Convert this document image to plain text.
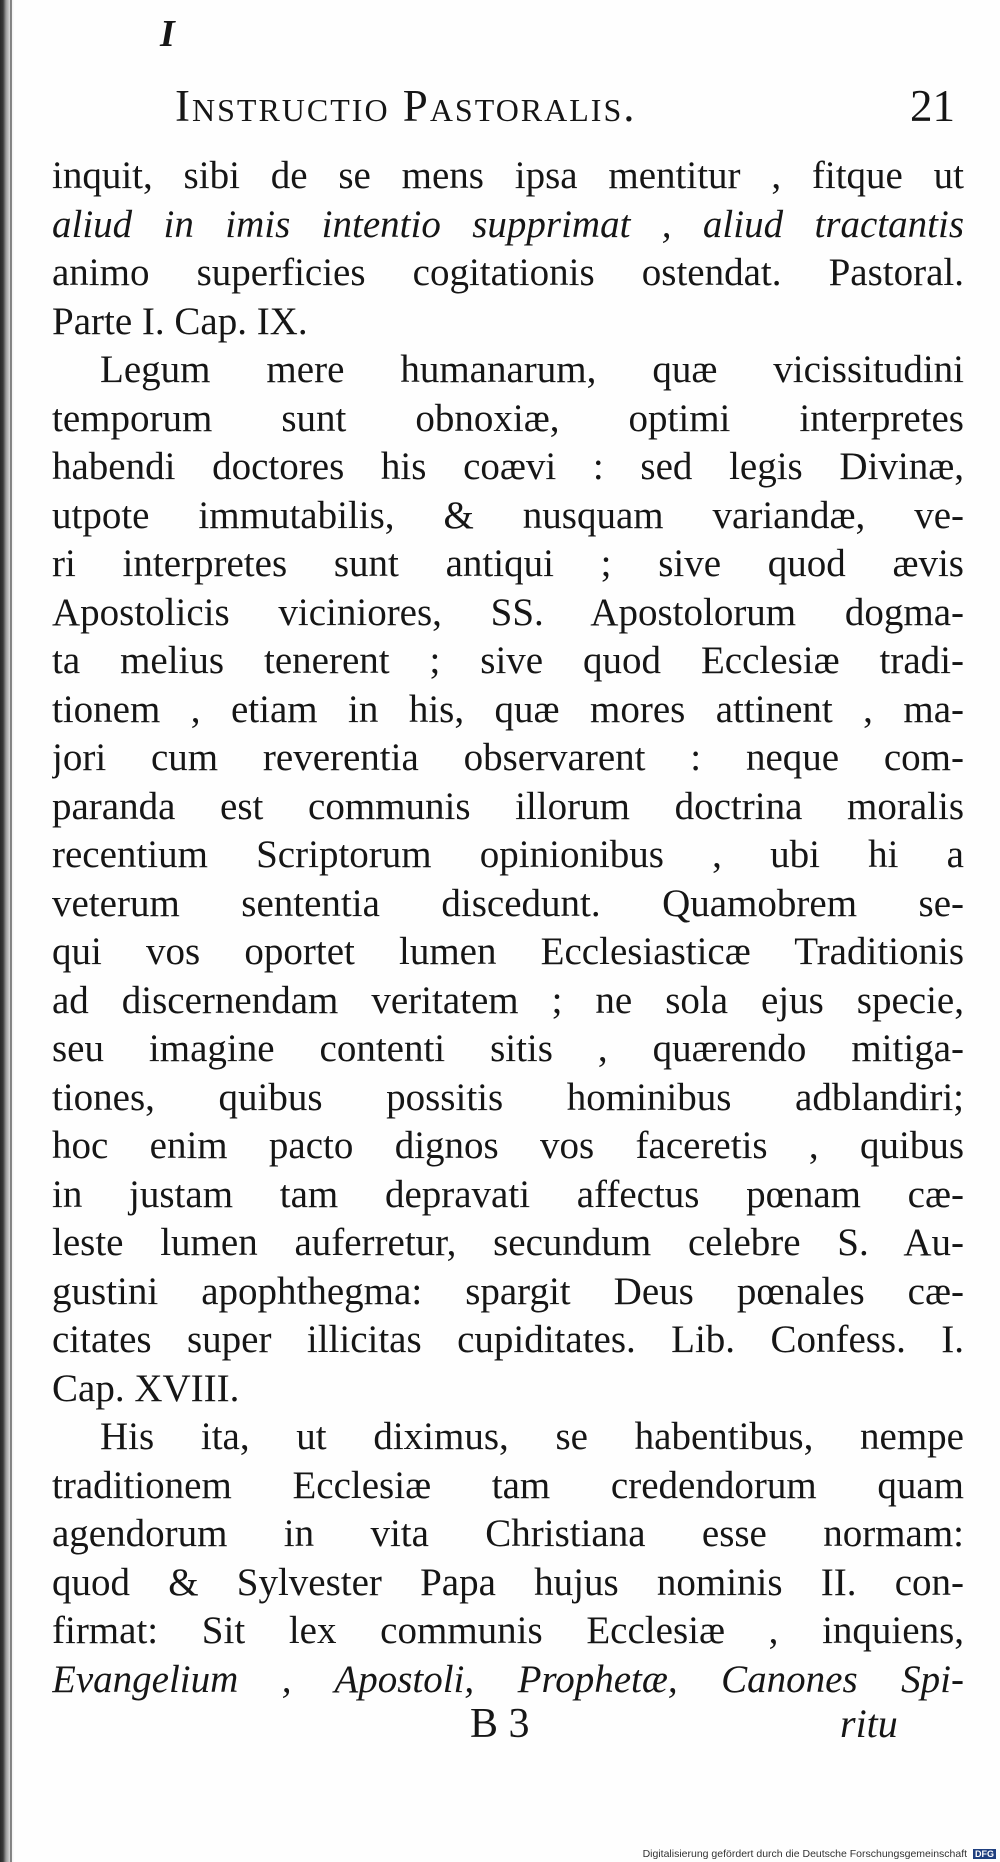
I
Instructio Pastoralis.	21
inquit, sibi de se mens ipsa mentitur , fitque ut
aliud in imis intentio supprimat , aliud tractantis
animo superficies cogitationis ostendat. Pastoral.
Parte I. Cap. IX.
Legum mere humanarum, quæ vicissitudini
temporum sunt obnoxiæ, optimi interpretes
habendi doctores his coævi : sed legis Divinæ,
utpote immutabilis, & nusquam variandæ, ve-
ri interpretes sunt antiqui ; sive quod ævis
Apostolicis viciniores, SS. Apostolorum dogma-
ta melius tenerent ; sive quod Ecclesiæ tradi-
tionem , etiam in his, quæ mores attinent , ma-
jori cum reverentia observarent : neque com-
paranda est communis illorum doctrina moralis
recentium Scriptorum opinionibus , ubi hi a
veterum sententia discedunt. Quamobrem se-
qui vos oportet lumen Ecclesiasticæ Traditionis
ad discernendam veritatem ; ne sola ejus specie,
seu imagine contenti sitis , quærendo mitiga-
tiones, quibus possitis hominibus adblandiri;
hoc enim pacto dignos vos faceretis , quibus
in justam tam depravati affectus pœnam cæ-
leste lumen auferretur, secundum celebre S. Au-
gustini apophthegma: spargit Deus pœnales cæ-
citates super illicitas cupiditates. Lib. Confess. I.
Cap. XVIII.
His ita, ut diximus, se habentibus, nempe
traditionem Ecclesiæ tam credendorum quam
agendorum in vita Christiana esse normam:
quod & Sylvester Papa hujus nominis II. con-
firmat: Sit lex communis Ecclesiæ , inquiens,
Evangelium , Apostoli, Prophetæ, Canones Spi-
B 3	ritu
Digitalisierung gefördert durch die Deutsche Forschungsgemeinschaft DFG
